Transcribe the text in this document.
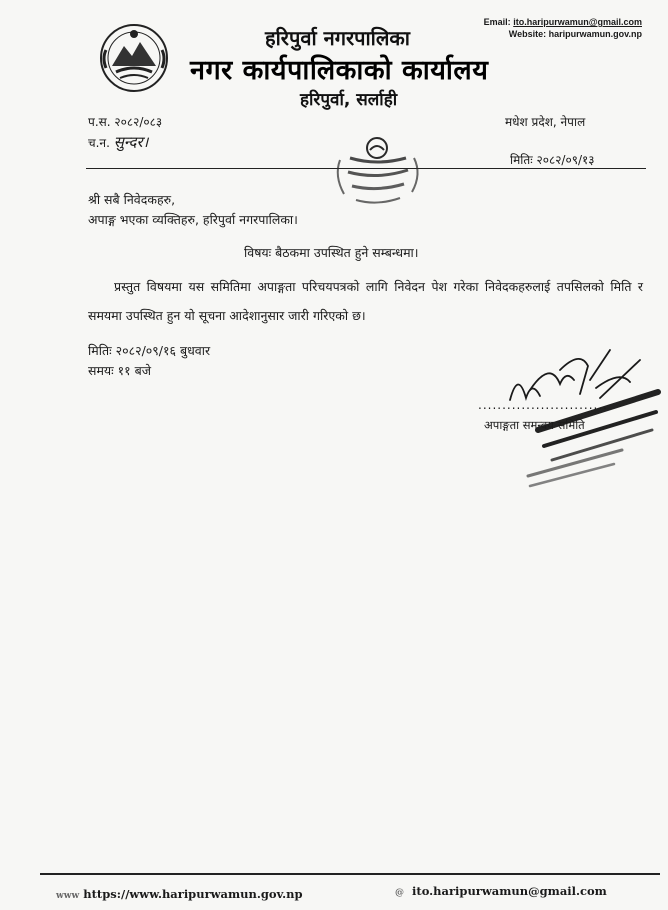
हरिपुर्वा नगरपालिका
नगर कार्यपालिकाको कार्यालय
हरिपुर्वा, सर्लाही
Email: ito.haripurwamun@gmail.com
Website: haripurwamun.gov.np
प.स. २०८२/०८३
च.न. सुन्दर।
मधेश प्रदेश, नेपाल
मितिः २०८२/०९/१३
श्री सबै निवेदकहरु,
अपाङ्ग भएका व्यक्तिहरु, हरिपुर्वा नगरपालिका।
विषयः बैठकमा उपस्थित हुने सम्बन्धमा।
प्रस्तुत विषयमा यस समितिमा अपाङ्गता परिचयपत्रको लागि निवेदन पेश गरेका निवेदकहरुलाई तपसिलको मिति र समयमा उपस्थित हुन यो सूचना आदेशानुसार जारी गरिएको छ।
मितिः २०८२/०९/१६ बुधवार
समयः ११ बजे
...........................
अपाङ्गता समन्वय समिति
www https://www.haripurwamun.gov.np	@ ito.haripurwamun@gmail.com
